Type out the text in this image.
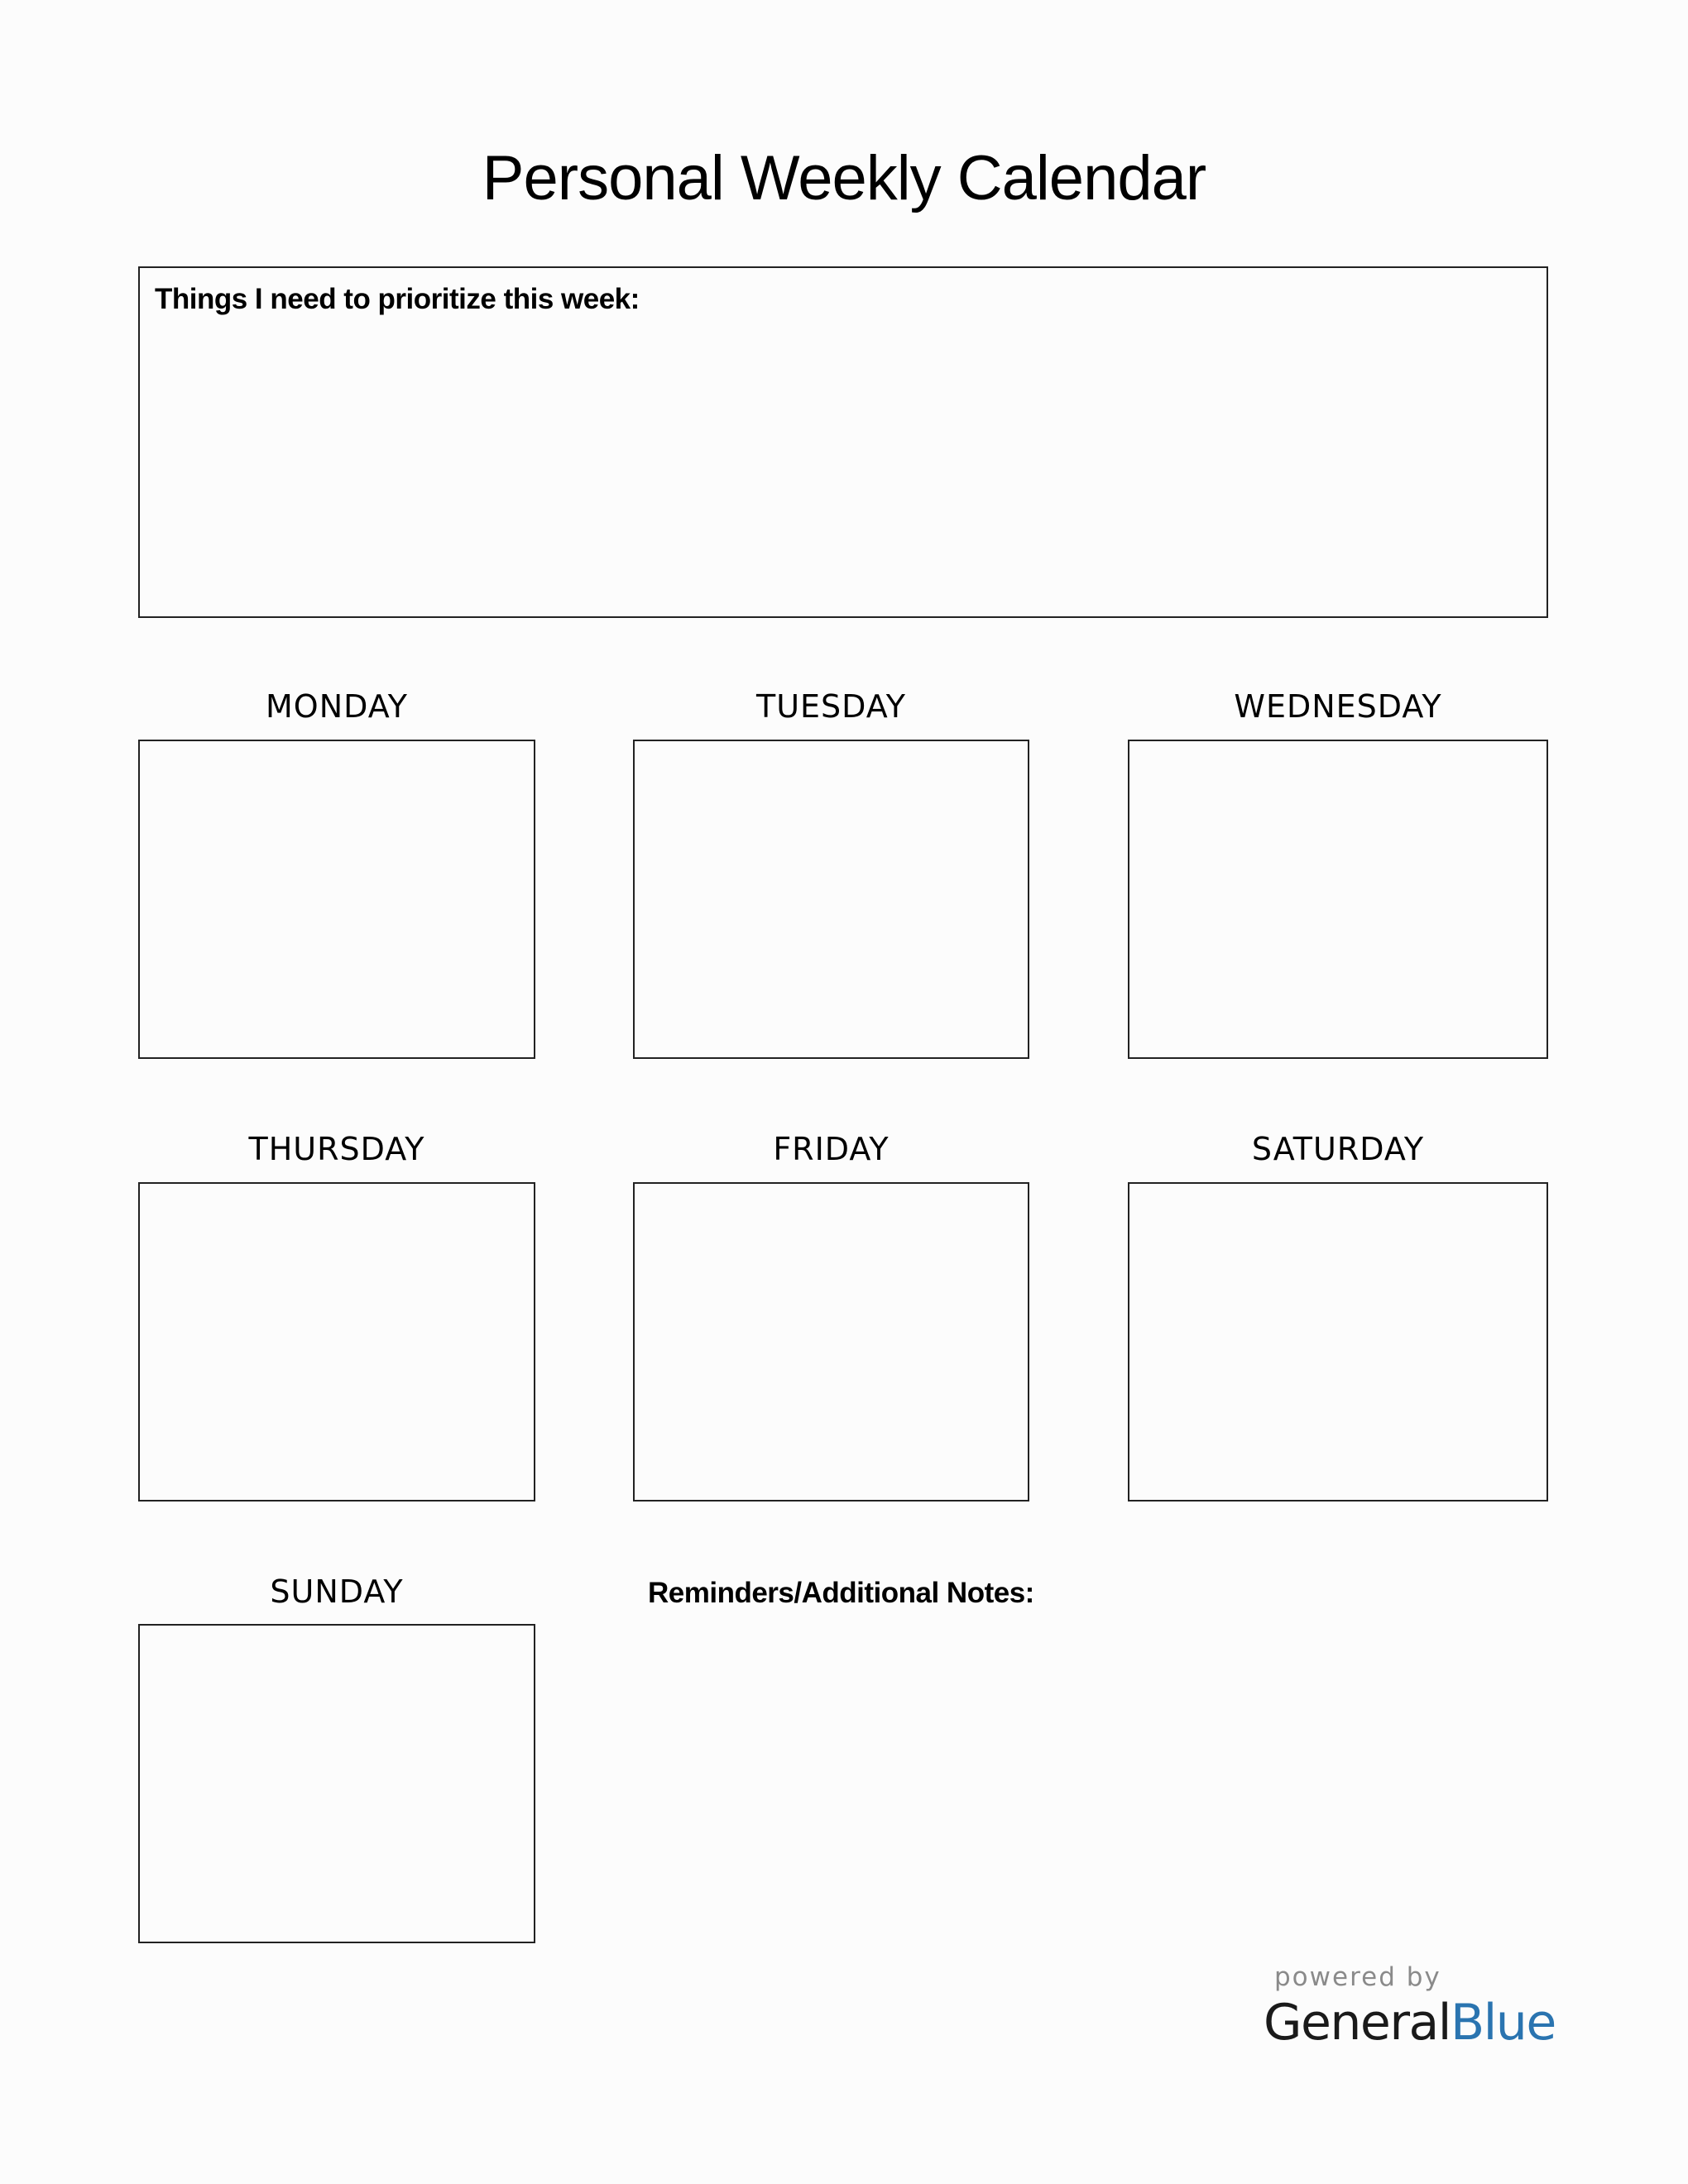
Personal Weekly Calendar
Things I need to prioritize this week:
MONDAY	TUESDAY	WEDNESDAY
THURSDAY	FRIDAY	SATURDAY
SUNDAY	Reminders/Additional Notes:
powered by
GeneralBlue
